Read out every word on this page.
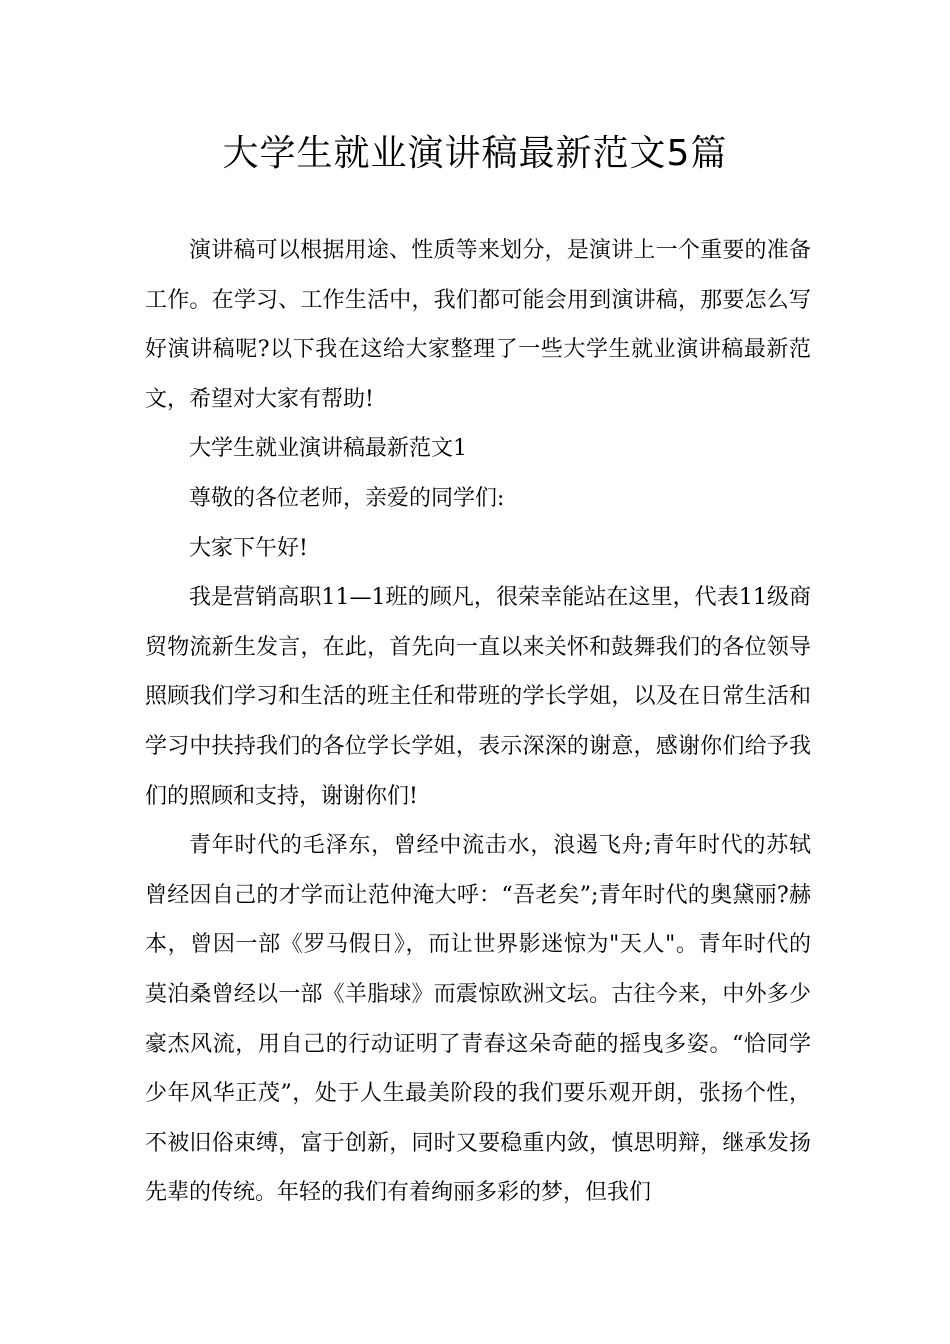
大学生就业演讲稿最新范文5篇

演讲稿可以根据用途、性质等来划分，是演讲上一个重要的准备工作。在学习、工作生活中，我们都可能会用到演讲稿，那要怎么写好演讲稿呢?以下我在这给大家整理了一些大学生就业演讲稿最新范文，希望对大家有帮助!

大学生就业演讲稿最新范文1

尊敬的各位老师，亲爱的同学们:

大家下午好!

我是营销高职11—1班的顾凡，很荣幸能站在这里，代表11级商贸物流新生发言，在此，首先向一直以来关怀和鼓舞我们的各位领导照顾我们学习和生活的班主任和带班的学长学姐，以及在日常生活和学习中扶持我们的各位学长学姐，表示深深的谢意，感谢你们给予我们的照顾和支持，谢谢你们!

青年时代的毛泽东，曾经中流击水，浪遏飞舟;青年时代的苏轼曾经因自己的才学而让范仲淹大呼：“吾老矣”;青年时代的奥黛丽?赫本，曾因一部《罗马假日》，而让世界影迷惊为"天人"。青年时代的莫泊桑曾经以一部《羊脂球》而震惊欧洲文坛。古往今来，中外多少豪杰风流，用自己的行动证明了青春这朵奇葩的摇曳多姿。“恰同学少年风华正茂”，处于人生最美阶段的我们要乐观开朗，张扬个性，不被旧俗束缚，富于创新，同时又要稳重内敛，慎思明辩，继承发扬先辈的传统。年轻的我们有着绚丽多彩的梦，但我们
